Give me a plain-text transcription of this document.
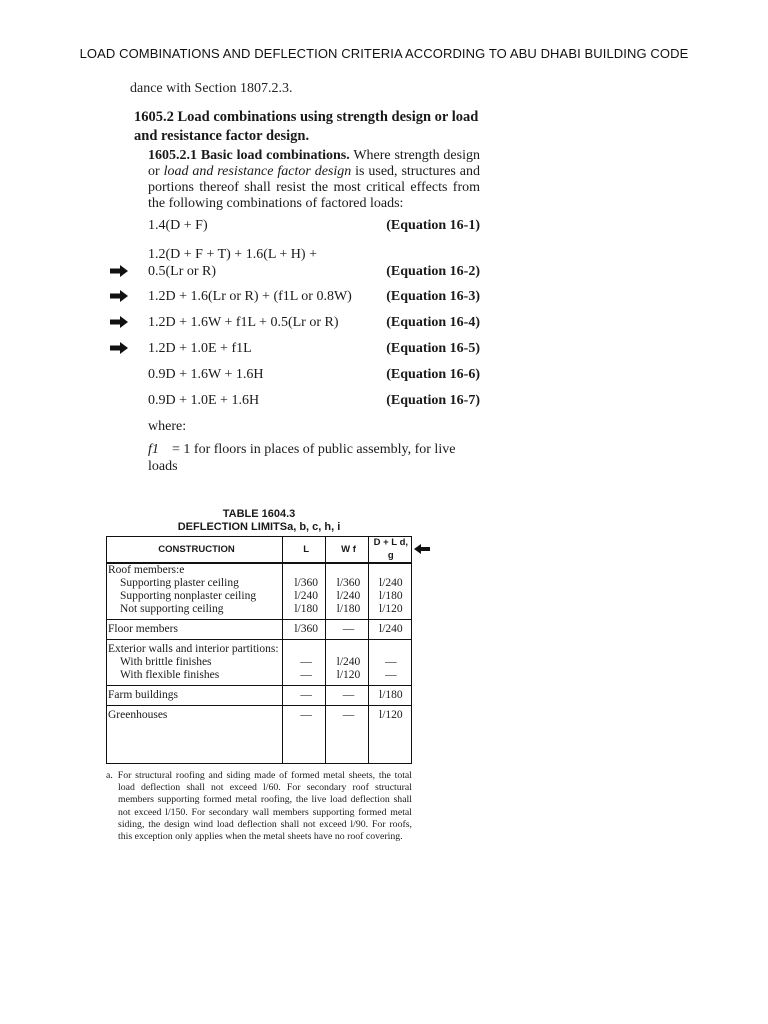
LOAD COMBINATIONS AND DEFLECTION CRITERIA ACCORDING TO ABU DHABI BUILDING CODE
dance with Section 1807.2.3.
1605.2 Load combinations using strength design or load and resistance factor design.
1605.2.1 Basic load combinations. Where strength design or load and resistance factor design is used, structures and portions thereof shall resist the most critical effects from the following combinations of factored loads:
1.4(D + F)	(Equation 16-1)
1.2(D + F + T) + 1.6(L + H) +
0.5(Lr or R)	(Equation 16-2)
1.2D + 1.6(Lr or R) + (f1L or 0.8W)	(Equation 16-3)
1.2D + 1.6W + f1L + 0.5(Lr or R)	(Equation 16-4)
1.2D + 1.0E + f1L	(Equation 16-5)
0.9D + 1.6W + 1.6H	(Equation 16-6)
0.9D + 1.0E + 1.6H	(Equation 16-7)
where:
f1 = 1 for floors in places of public assembly, for live loads
TABLE 1604.3
DEFLECTION LIMITSa, b, c, h, i
CONSTRUCTION	L	W f	D + L d, g
Roof members:e			
Supporting plaster ceiling	l/360	l/360	l/240
Supporting nonplaster ceiling	l/240	l/240	l/180
Not supporting ceiling	l/180	l/180	l/120
Floor members	l/360	—	l/240
Exterior walls and interior partitions:			
With brittle finishes	—	l/240	—
With flexible finishes	—	l/120	—
Farm buildings	—	—	l/180
Greenhouses	—	—	l/120
a. For structural roofing and siding made of formed metal sheets, the total load deflection shall not exceed l/60. For secondary roof structural members supporting formed metal roofing, the live load deflection shall not exceed l/150. For secondary wall members supporting formed metal siding, the design wind load deflection shall not exceed l/90. For roofs, this exception only applies when the metal sheets have no roof covering.
